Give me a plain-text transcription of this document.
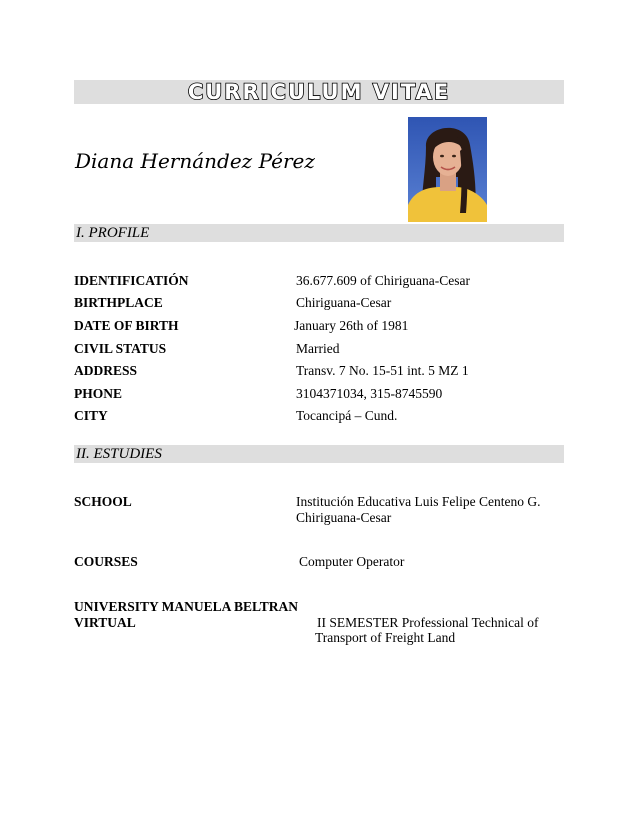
CURRICULUM VITAE
Diana Hernández Pérez
I. PROFILE
IDENTIFICATIÓN	36.677.609 of Chiriguana-Cesar
BIRTHPLACE	Chiriguana-Cesar
DATE OF BIRTH	January 26th of 1981
CIVIL STATUS	Married
ADDRESS	Transv. 7 No. 15-51 int. 5 MZ 1
PHONE	3104371034, 315-8745590
CITY	Tocancipá – Cund.
II. ESTUDIES
SCHOOL	Institución Educativa Luis Felipe Centeno G.
Chiriguana-Cesar
COURSES	Computer Operator
UNIVERSITY MANUELA BELTRAN
VIRTUAL	II SEMESTER Professional Technical of
Transport of Freight Land
